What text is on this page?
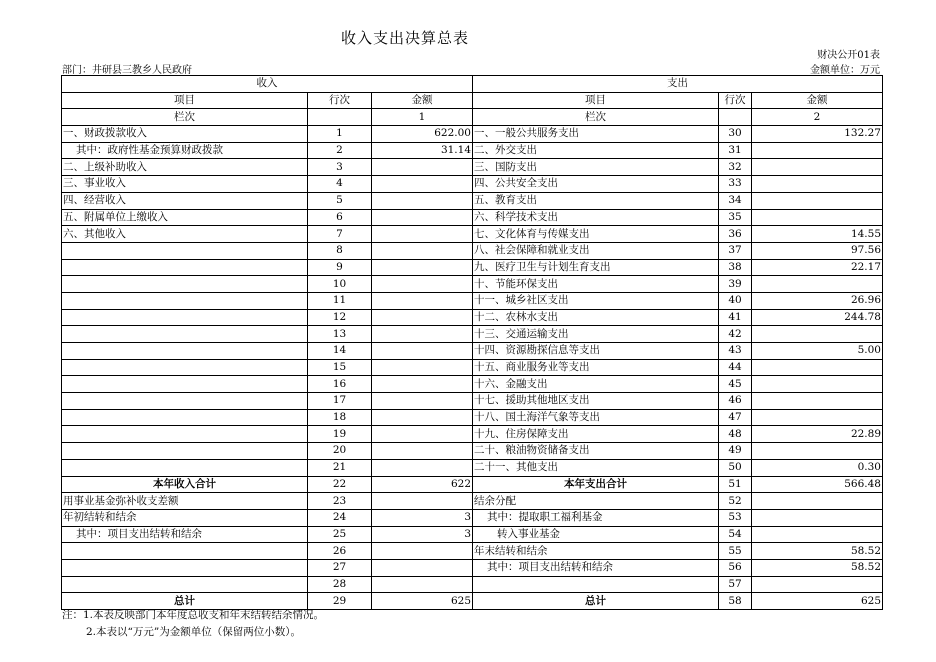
收入支出决算总表
财决公开01表
部门：井研县三教乡人民政府	金额单位：万元
收入			支出		
项目	行次	金额	项目	行次	金额
栏次		1	栏次		2
一、财政拨款收入	1	622.00	一、一般公共服务支出	30	132.27
其中：政府性基金预算财政拨款	2	31.14	二、外交支出	31	
二、上级补助收入	3		三、国防支出	32	
三、事业收入	4		四、公共安全支出	33	
四、经营收入	5		五、教育支出	34	
五、附属单位上缴收入	6		六、科学技术支出	35	
六、其他收入	7		七、文化体育与传媒支出	36	14.55
	8		八、社会保障和就业支出	37	97.56
	9		九、医疗卫生与计划生育支出	38	22.17
	10		十、节能环保支出	39	
	11		十一、城乡社区支出	40	26.96
	12		十二、农林水支出	41	244.78
	13		十三、交通运输支出	42	
	14		十四、资源勘探信息等支出	43	5.00
	15		十五、商业服务业等支出	44	
	16		十六、金融支出	45	
	17		十七、援助其他地区支出	46	
	18		十八、国土海洋气象等支出	47	
	19		十九、住房保障支出	48	22.89
	20		二十、粮油物资储备支出	49	
	21		二十一、其他支出	50	0.30
本年收入合计	22	622	本年支出合计	51	566.48
用事业基金弥补收支差额	23		结余分配	52	
年初结转和结余	24	3	其中：提取职工福利基金	53	
其中：项目支出结转和结余	25	3	转入事业基金	54	
	26		年末结转和结余	55	58.52
	27		其中：项目支出结转和结余	56	58.52
	28			57	
总计	29	625	总计	58	625
注：1.本表反映部门本年度总收支和年末结转结余情况。
2.本表以“万元”为金额单位（保留两位小数）。
